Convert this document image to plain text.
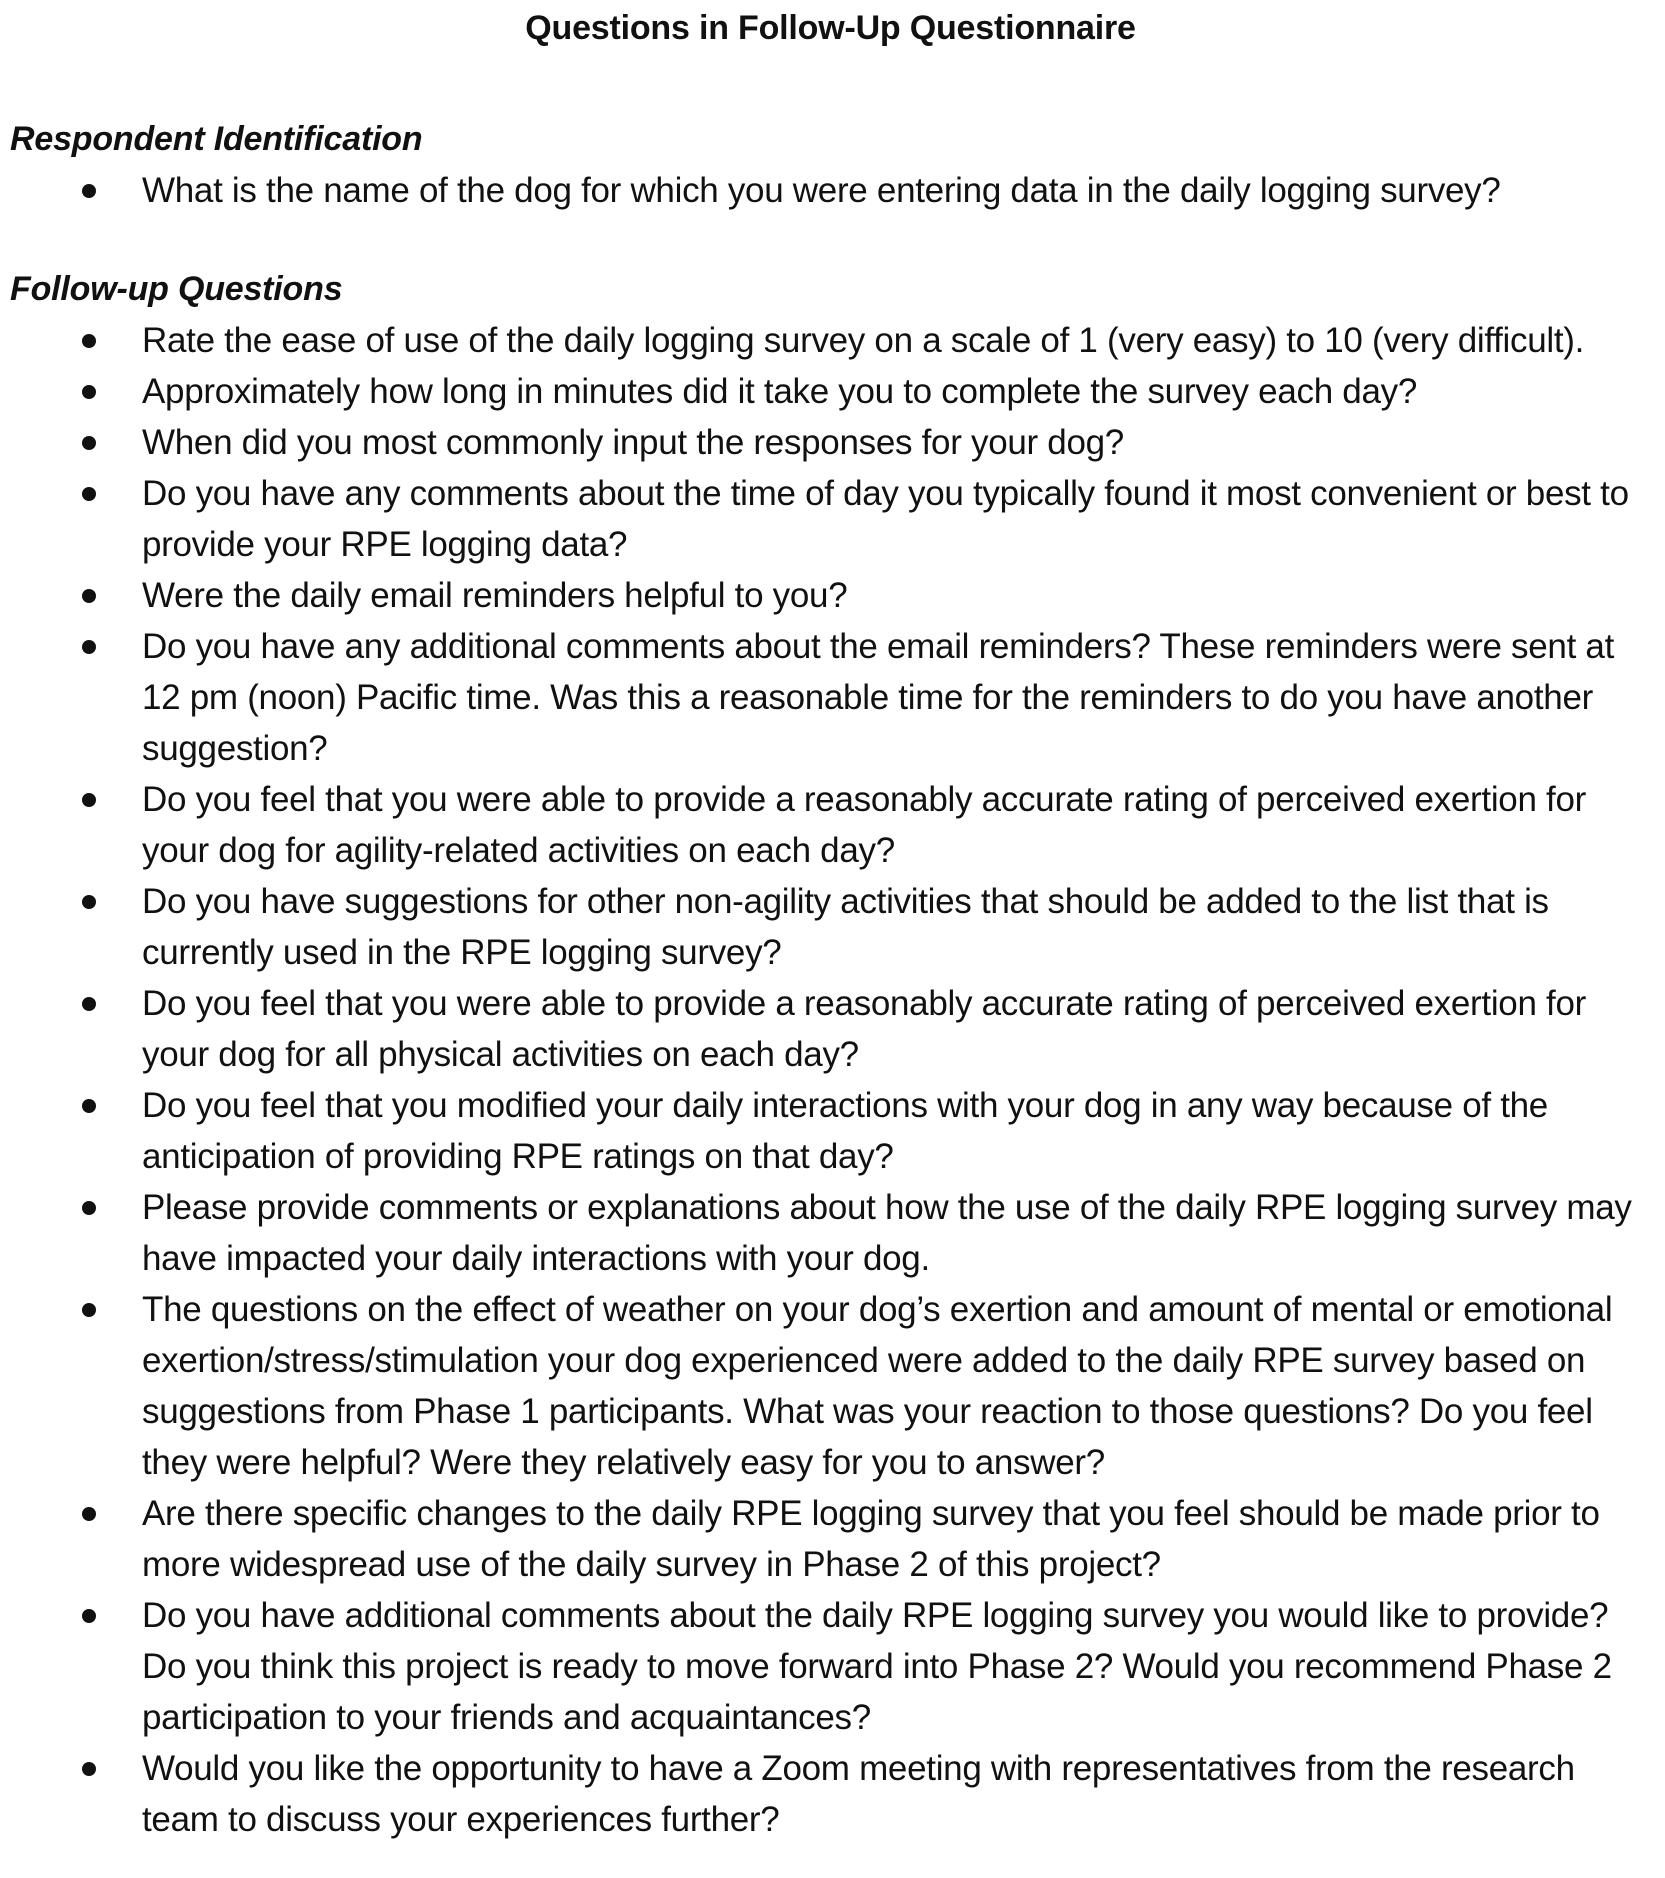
Questions in Follow-Up Questionnaire
Respondent Identification
What is the name of the dog for which you were entering data in the daily logging survey?
Follow-up Questions
Rate the ease of use of the daily logging survey on a scale of 1 (very easy) to 10 (very difficult).
Approximately how long in minutes did it take you to complete the survey each day?
When did you most commonly input the responses for your dog?
Do you have any comments about the time of day you typically found it most convenient or best to provide your RPE logging data?
Were the daily email reminders helpful to you?
Do you have any additional comments about the email reminders? These reminders were sent at 12 pm (noon) Pacific time. Was this a reasonable time for the reminders to do you have another suggestion?
Do you feel that you were able to provide a reasonably accurate rating of perceived exertion for your dog for agility-related activities on each day?
Do you have suggestions for other non-agility activities that should be added to the list that is currently used in the RPE logging survey?
Do you feel that you were able to provide a reasonably accurate rating of perceived exertion for your dog for all physical activities on each day?
Do you feel that you modified your daily interactions with your dog in any way because of the anticipation of providing RPE ratings on that day?
Please provide comments or explanations about how the use of the daily RPE logging survey may have impacted your daily interactions with your dog.
The questions on the effect of weather on your dog’s exertion and amount of mental or emotional exertion/stress/stimulation your dog experienced were added to the daily RPE survey based on suggestions from Phase 1 participants. What was your reaction to those questions? Do you feel they were helpful? Were they relatively easy for you to answer?
Are there specific changes to the daily RPE logging survey that you feel should be made prior to more widespread use of the daily survey in Phase 2 of this project?
Do you have additional comments about the daily RPE logging survey you would like to provide? Do you think this project is ready to move forward into Phase 2? Would you recommend Phase 2 participation to your friends and acquaintances?
Would you like the opportunity to have a Zoom meeting with representatives from the research team to discuss your experiences further?
